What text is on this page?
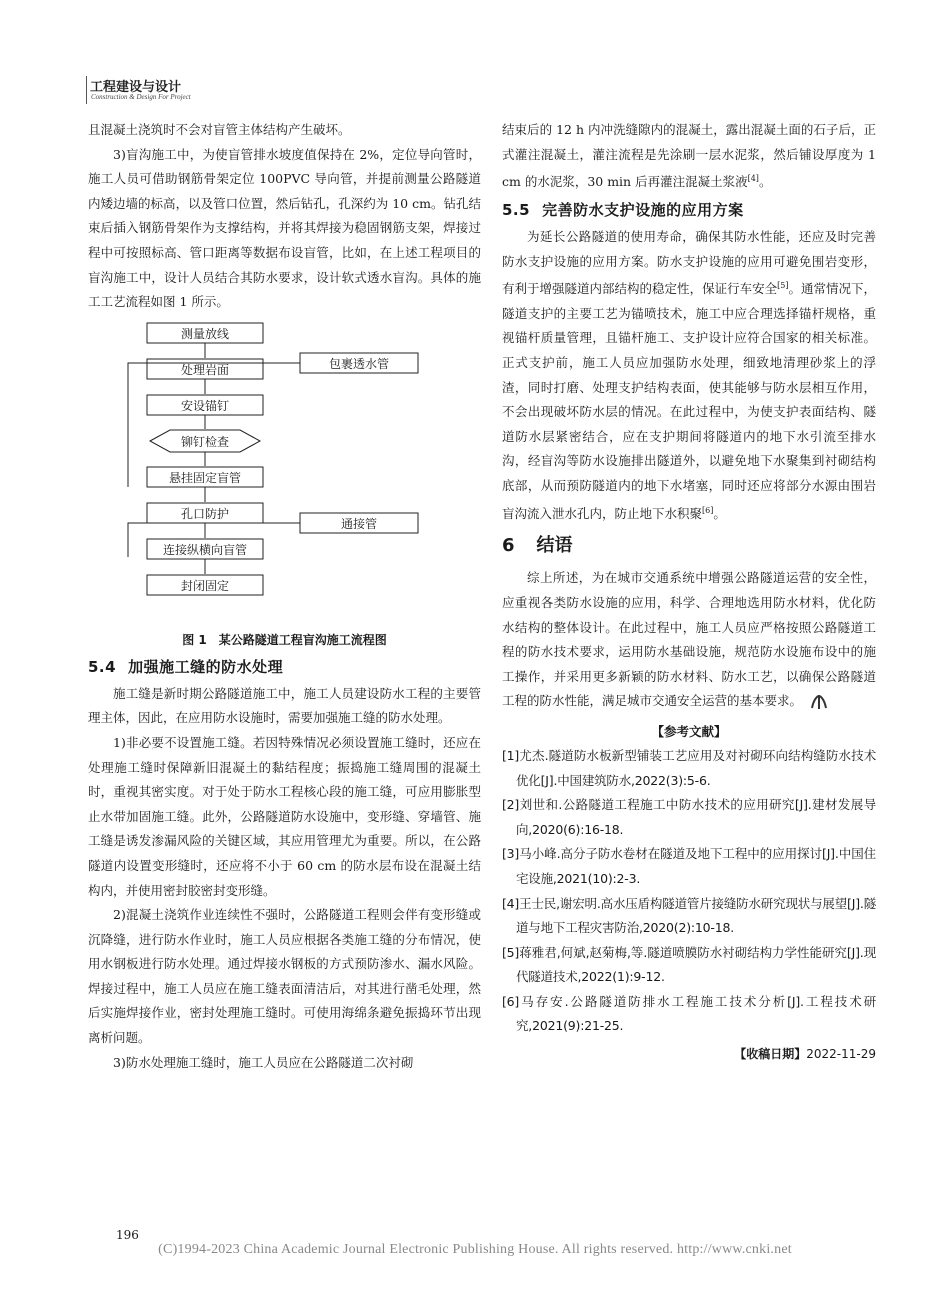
工程建设与设计
Construction & Design For Project

且混凝土浇筑时不会对盲管主体结构产生破坏。

3)盲沟施工中，为使盲管排水坡度值保持在 2%，定位导向管时，施工人员可借助钢筋骨架定位 100PVC 导向管，并提前测量公路隧道内矮边墙的标高，以及管口位置，然后钻孔，孔深约为 10 cm。钻孔结束后插入钢筋骨架作为支撑结构，并将其焊接为稳固钢筋支架，焊接过程中可按照标高、管口距离等数据布设盲管，比如，在上述工程项目的盲沟施工中，设计人员结合其防水要求，设计软式透水盲沟。具体的施工工艺流程如图 1 所示。

测量放线
处理岩面
安设锚钉
铆钉检查
悬挂固定盲管
孔口防护
连接纵横向盲管
封闭固定
包裹透水管
通接管
图 1　某公路隧道工程盲沟施工流程图
5.4 加强施工缝的防水处理

施工缝是新时期公路隧道施工中，施工人员建设防水工程的主要管理主体，因此，在应用防水设施时，需要加强施工缝的防水处理。

1)非必要不设置施工缝。若因特殊情况必须设置施工缝时，还应在处理施工缝时保障新旧混凝土的黏结程度；振捣施工缝周围的混凝土时，重视其密实度。对于处于防水工程核心段的施工缝，可应用膨胀型止水带加固施工缝。此外，公路隧道防水设施中，变形缝、穿墙管、施工缝是诱发渗漏风险的关键区域，其应用管理尤为重要。所以，在公路隧道内设置变形缝时，还应将不小于 60 cm 的防水层布设在混凝土结构内，并使用密封胶密封变形缝。

2)混凝土浇筑作业连续性不强时，公路隧道工程则会伴有变形缝或沉降缝，进行防水作业时，施工人员应根据各类施工缝的分布情况，使用水钢板进行防水处理。通过焊接水钢板的方式预防渗水、漏水风险。焊接过程中，施工人员应在施工缝表面清洁后，对其进行凿毛处理，然后实施焊接作业，密封处理施工缝时。可使用海绵条避免振捣环节出现离析问题。

3)防水处理施工缝时，施工人员应在公路隧道二次衬砌

结束后的 12 h 内冲洗缝隙内的混凝土，露出混凝土面的石子后，正式灌注混凝土，灌注流程是先涂刷一层水泥浆，然后铺设厚度为 1 cm 的水泥浆，30 min 后再灌注混凝土浆液[4]。

5.5 完善防水支护设施的应用方案

为延长公路隧道的使用寿命，确保其防水性能，还应及时完善防水支护设施的应用方案。防水支护设施的应用可避免围岩变形，有利于增强隧道内部结构的稳定性，保证行车安全[5]。通常情况下，隧道支护的主要工艺为锚喷技术，施工中应合理选择锚杆规格，重视锚杆质量管理，且锚杆施工、支护设计应符合国家的相关标准。正式支护前，施工人员应加强防水处理，细致地清理砂浆上的浮渣，同时打磨、处理支护结构表面，使其能够与防水层相互作用，不会出现破坏防水层的情况。在此过程中，为使支护表面结构、隧道防水层紧密结合，应在支护期间将隧道内的地下水引流至排水沟，经盲沟等防水设施排出隧道外，以避免地下水聚集到衬砌结构底部，从而预防隧道内的地下水堵塞，同时还应将部分水源由围岩盲沟流入泄水孔内，防止地下水积聚[6]。

6 结语

综上所述，为在城市交通系统中增强公路隧道运营的安全性，应重视各类防水设施的应用，科学、合理地选用防水材料，优化防水结构的整体设计。在此过程中，施工人员应严格按照公路隧道工程的防水技术要求，运用防水基础设施，规范防水设施布设中的施工操作，并采用更多新颖的防水材料、防水工艺，以确保公路隧道工程的防水性能，满足城市交通安全运营的基本要求。

【参考文献】

[1]尤杰.隧道防水板新型铺装工艺应用及对衬砌环向结构缝防水技术优化[J].中国建筑防水,2022(3):5-6.

[2]刘世和.公路隧道工程施工中防水技术的应用研究[J].建材发展导向,2020(6):16-18.

[3]马小峰.高分子防水卷材在隧道及地下工程中的应用探讨[J].中国住宅设施,2021(10):2-3.

[4]王士民,谢宏明.高水压盾构隧道管片接缝防水研究现状与展望[J].隧道与地下工程灾害防治,2020(2):10-18.

[5]蒋雅君,何斌,赵菊梅,等.隧道喷膜防水衬砌结构力学性能研究[J].现代隧道技术,2022(1):9-12.

[6]马存安.公路隧道防排水工程施工技术分析[J].工程技术研究,2021(9):21-25.

【收稿日期】2022-11-29
196
(C)1994-2023 China Academic Journal Electronic Publishing House. All rights reserved. http://www.cnki.net
